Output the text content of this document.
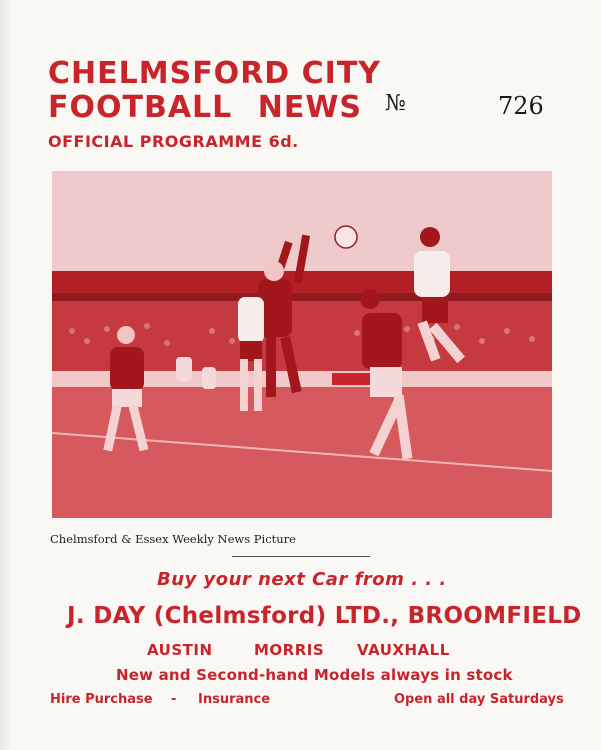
CHELMSFORD CITY
FOOTBALL NEWS №	726
OFFICIAL PROGRAMME 6d.
Chelmsford & Essex Weekly News Picture
Buy your next Car from . . .
J. DAY (Chelmsford) LTD., BROOMFIELD
AUSTIN	MORRIS VAUXHALL
New and Second-hand Models always in stock
Hire Purchase - Insurance	Open all day Saturdays
